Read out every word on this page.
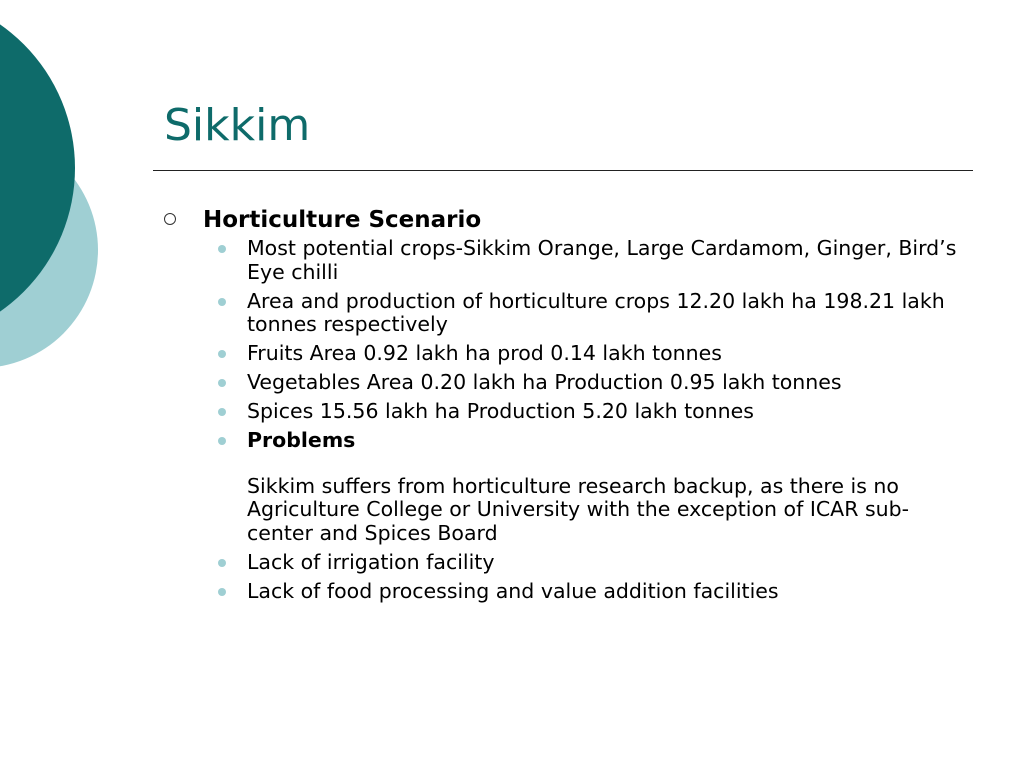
Sikkim
Horticulture Scenario
Most potential crops-Sikkim Orange, Large Cardamom, Ginger, Bird’s Eye chilli
Area and production of horticulture crops 12.20 lakh ha 198.21 lakh tonnes respectively
Fruits Area 0.92 lakh ha prod 0.14 lakh tonnes
Vegetables Area 0.20 lakh ha Production 0.95 lakh tonnes
Spices 15.56 lakh ha Production 5.20 lakh tonnes
Problems
Sikkim suffers from horticulture research backup, as there is no Agriculture College or University with the exception of ICAR sub-center and Spices Board
Lack of irrigation facility
Lack of food processing and value addition facilities
